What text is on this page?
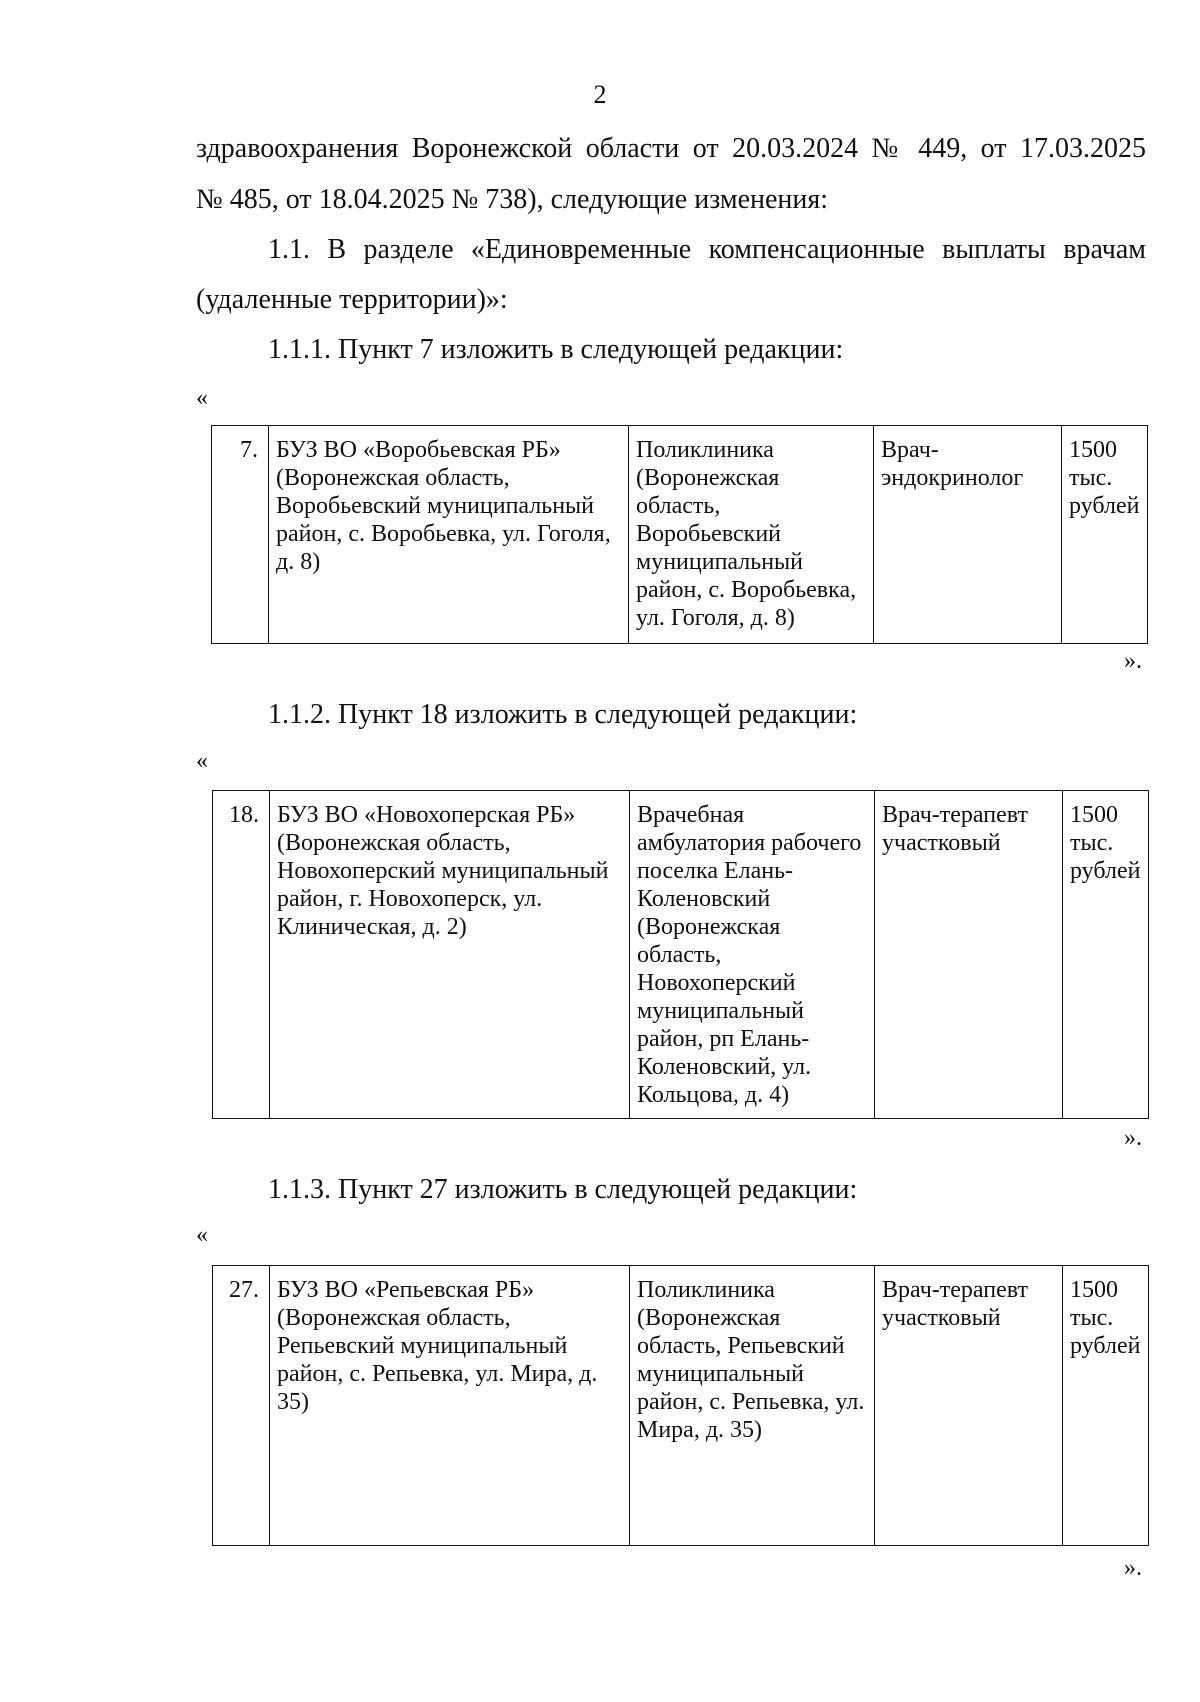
2
здравоохранения Воронежской области от 20.03.2024 № 449, от 17.03.2025
№ 485, от 18.04.2025 № 738), следующие изменения:
1.1. В разделе «Единовременные компенсационные выплаты врачам
(удаленные территории)»:
1.1.1. Пункт 7 изложить в следующей редакции:
«
7.	БУЗ ВО «Воробьевская РБ» (Воронежская область, Воробьевский муниципальный район, с. Воробьевка, ул. Гоголя, д. 8)	Поликлиника (Воронежская область, Воробьевский муниципальный район, с. Воробьевка, ул. Гоголя, д. 8)	Врач-эндокринолог	1500 тыс. рублей
».
1.1.2. Пункт 18 изложить в следующей редакции:
«
18.	БУЗ ВО «Новохоперская РБ» (Воронежская область, Новохоперский муниципальный район, г. Новохоперск, ул. Клиническая, д. 2)	Врачебная амбулатория рабочего поселка Елань-Коленовский (Воронежская область, Новохоперский муниципальный район, рп Елань-Коленовский, ул. Кольцова, д. 4)	Врач-терапевт участковый	1500 тыс. рублей
».
1.1.3. Пункт 27 изложить в следующей редакции:
«
27.	БУЗ ВО «Репьевская РБ» (Воронежская область, Репьевский муниципальный район, с. Репьевка, ул. Мира, д. 35)	Поликлиника (Воронежская область, Репьевский муниципальный район, с. Репьевка, ул. Мира, д. 35)	Врач-терапевт участковый	1500 тыс. рублей
».
